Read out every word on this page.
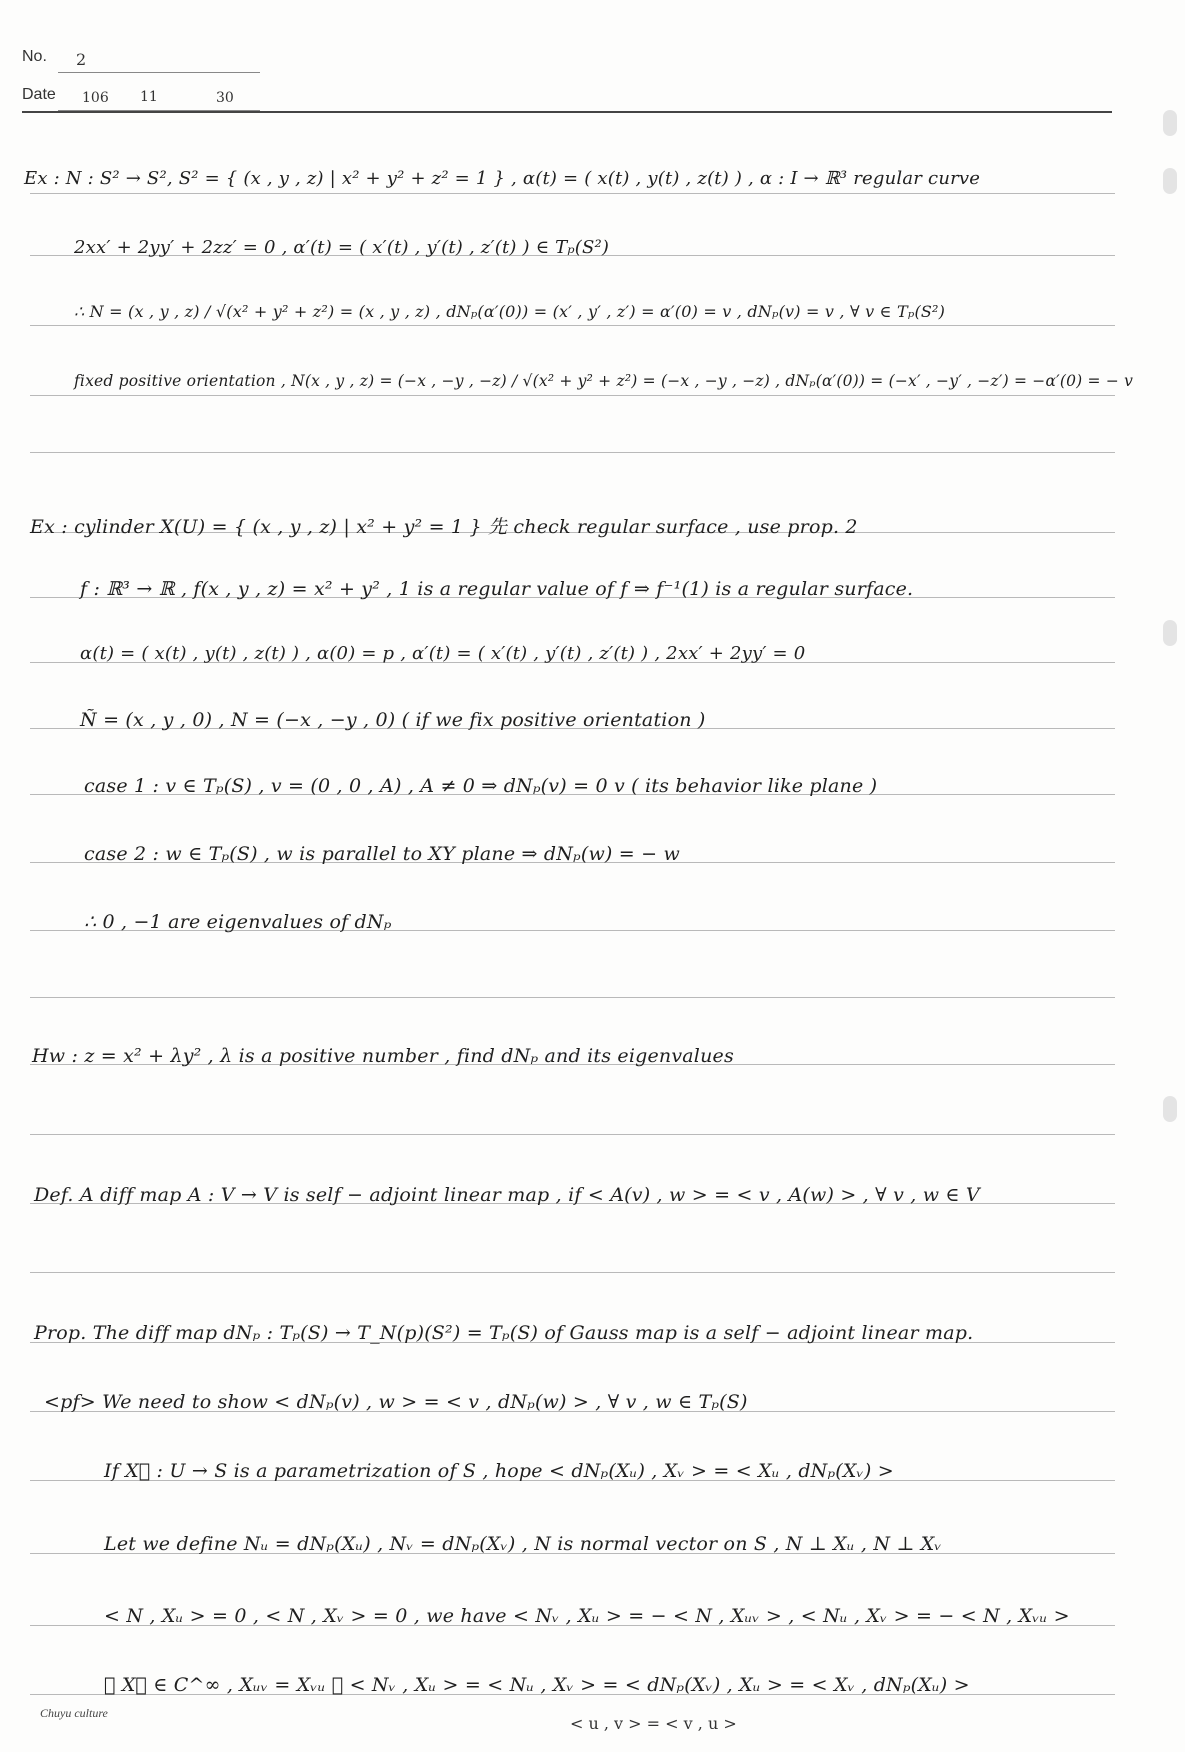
No. 2
Date 106 11	30
Ex : N : S² → S², S² = { (x , y , z) | x² + y² + z² = 1 } , α(t) = ( x(t) , y(t) , z(t) ) , α : I → ℝ³ regular curve
2xx′ + 2yy′ + 2zz′ = 0 , α′(t) = ( x′(t) , y′(t) , z′(t) ) ∈ Tₚ(S²)
∴ N = (x , y , z) / √(x² + y² + z²) = (x , y , z) , dNₚ(α′(0)) = (x′ , y′ , z′) = α′(0) = v , dNₚ(v) = v , ∀ v ∈ Tₚ(S²)
fixed positive orientation , N(x , y , z) = (−x , −y , −z) / √(x² + y² + z²) = (−x , −y , −z) , dNₚ(α′(0)) = (−x′ , −y′ , −z′) = −α′(0) = − v
Ex : cylinder X(U) = { (x , y , z) | x² + y² = 1 } 先 check regular surface , use prop. 2
f : ℝ³ → ℝ , f(x , y , z) = x² + y² , 1 is a regular value of f ⇒ f⁻¹(1) is a regular surface.
α(t) = ( x(t) , y(t) , z(t) ) , α(0) = p , α′(t) = ( x′(t) , y′(t) , z′(t) ) , 2xx′ + 2yy′ = 0
Ñ = (x , y , 0) , N = (−x , −y , 0) ( if we fix positive orientation )
case 1 : v ∈ Tₚ(S) , v = (0 , 0 , A) , A ≠ 0 ⇒ dNₚ(v) = 0 v ( its behavior like plane )
case 2 : w ∈ Tₚ(S) , w is parallel to XY plane ⇒ dNₚ(w) = − w
∴ 0 , −1 are eigenvalues of dNₚ
Hw : z = x² + λy² , λ is a positive number , find dNₚ and its eigenvalues
Def. A diff map A : V → V is self − adjoint linear map , if < A(v) , w > = < v , A(w) > , ∀ v , w ∈ V
Prop. The diff map dNₚ : Tₚ(S) → T_N(p)(S²) = Tₚ(S) of Gauss map is a self − adjoint linear map.
<pf> We need to show < dNₚ(v) , w > = < v , dNₚ(w) > , ∀ v , w ∈ Tₚ(S)
If X⃗ : U → S is a parametrization of S , hope < dNₚ(Xᵤ) , Xᵥ > = < Xᵤ , dNₚ(Xᵥ) >
Let we define Nᵤ = dNₚ(Xᵤ) , Nᵥ = dNₚ(Xᵥ) , N is normal vector on S , N ⊥ Xᵤ , N ⊥ Xᵥ
< N , Xᵤ > = 0 , < N , Xᵥ > = 0 , we have < Nᵥ , Xᵤ > = − < N , Xᵤᵥ > , < Nᵤ , Xᵥ > = − < N , Xᵥᵤ >
∵ X⃗ ∈ C^∞ , Xᵤᵥ = Xᵥᵤ ∴ < Nᵥ , Xᵤ > = < Nᵤ , Xᵥ > = < dNₚ(Xᵥ) , Xᵤ > = < Xᵥ , dNₚ(Xᵤ) >
Chuyu culture
< u , v > = < v , u >
